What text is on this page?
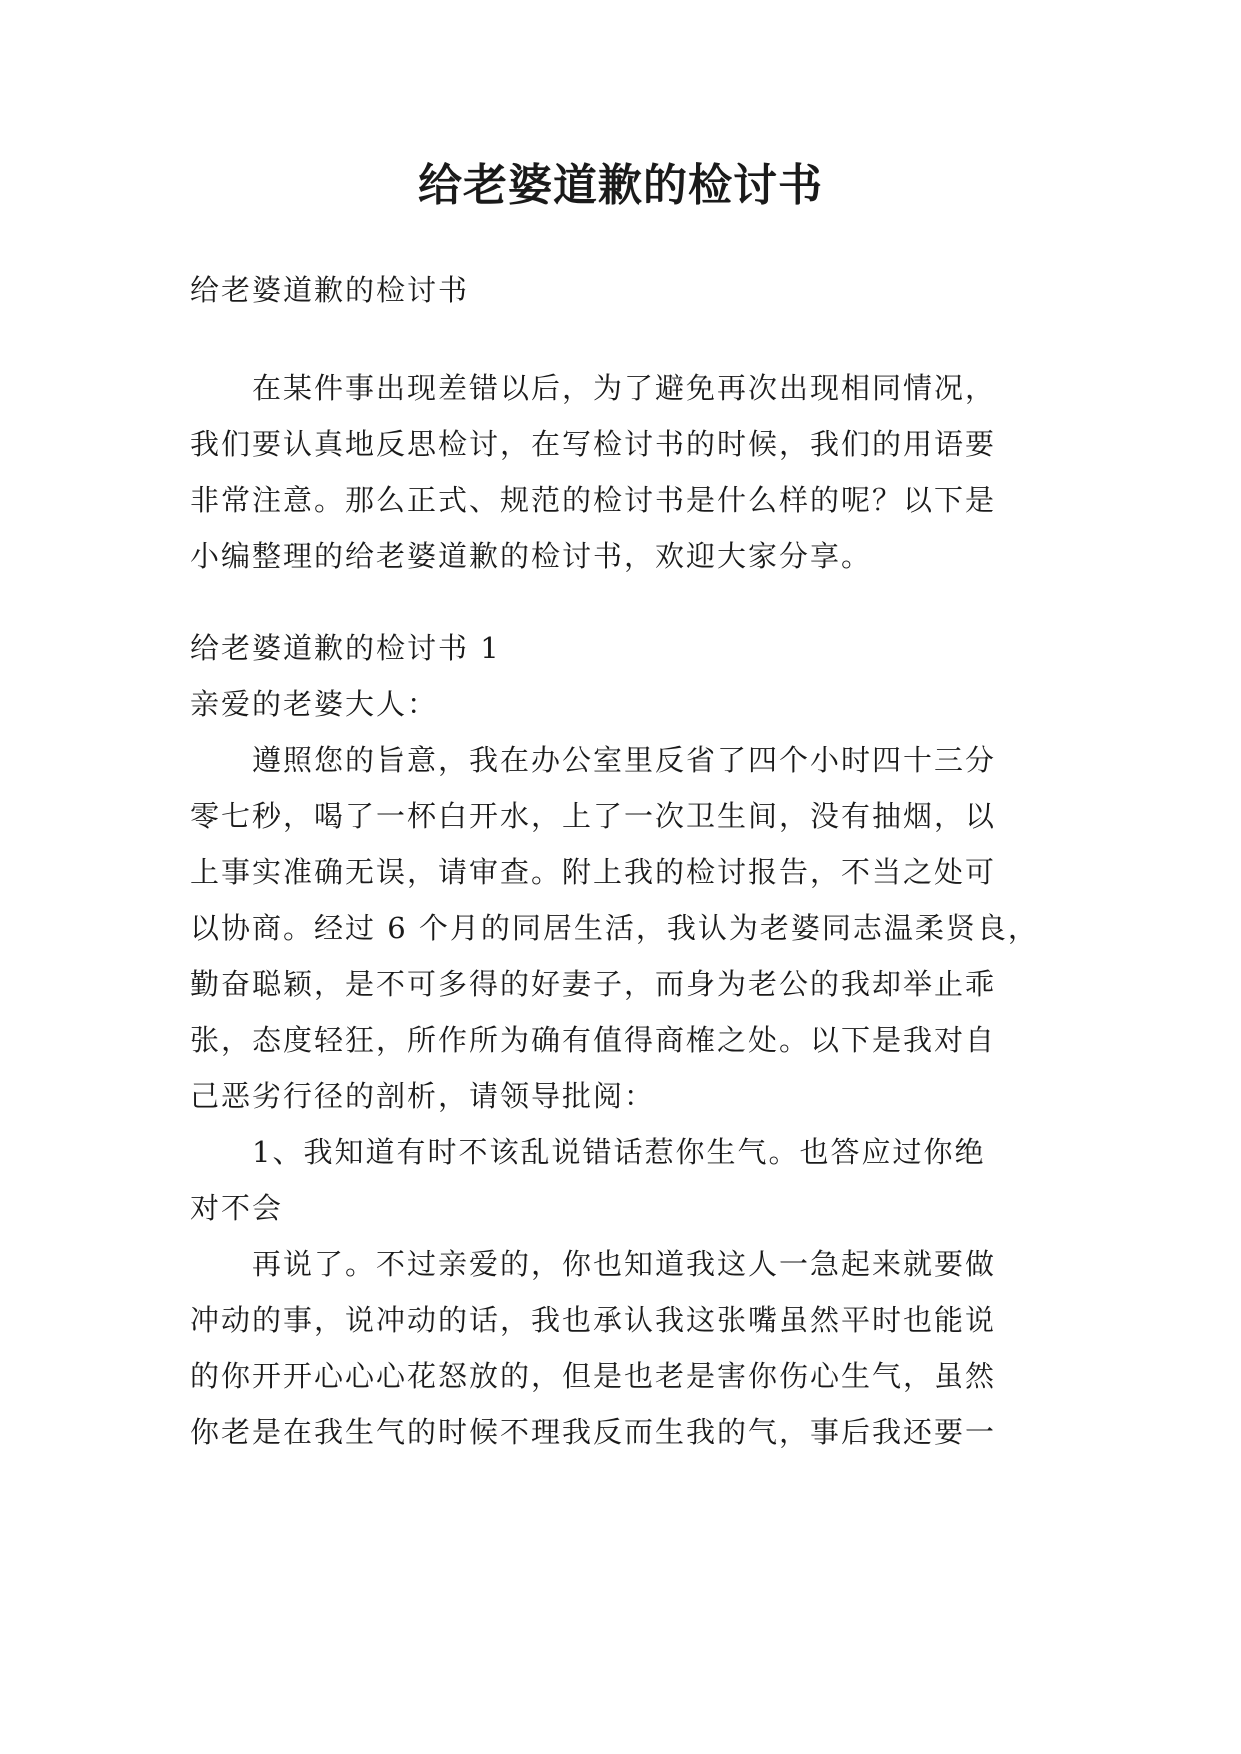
给老婆道歉的检讨书

给老婆道歉的检讨书

在某件事出现差错以后，为了避免再次出现相同情况，
我们要认真地反思检讨，在写检讨书的时候，我们的用语要
非常注意。那么正式、规范的检讨书是什么样的呢？以下是
小编整理的给老婆道歉的检讨书，欢迎大家分享。

给老婆道歉的检讨书 1

亲爱的老婆大人：

遵照您的旨意，我在办公室里反省了四个小时四十三分
零七秒，喝了一杯白开水，上了一次卫生间，没有抽烟，以
上事实准确无误，请审查。附上我的检讨报告，不当之处可
以协商。经过 6 个月的同居生活，我认为老婆同志温柔贤良，
勤奋聪颖，是不可多得的好妻子，而身为老公的我却举止乖
张，态度轻狂，所作所为确有值得商榷之处。以下是我对自
己恶劣行径的剖析，请领导批阅：

1、我知道有时不该乱说错话惹你生气。也答应过你绝
对不会

再说了。不过亲爱的，你也知道我这人一急起来就要做
冲动的事，说冲动的话，我也承认我这张嘴虽然平时也能说
的你开开心心心花怒放的，但是也老是害你伤心生气，虽然
你老是在我生气的时候不理我反而生我的气，事后我还要一
